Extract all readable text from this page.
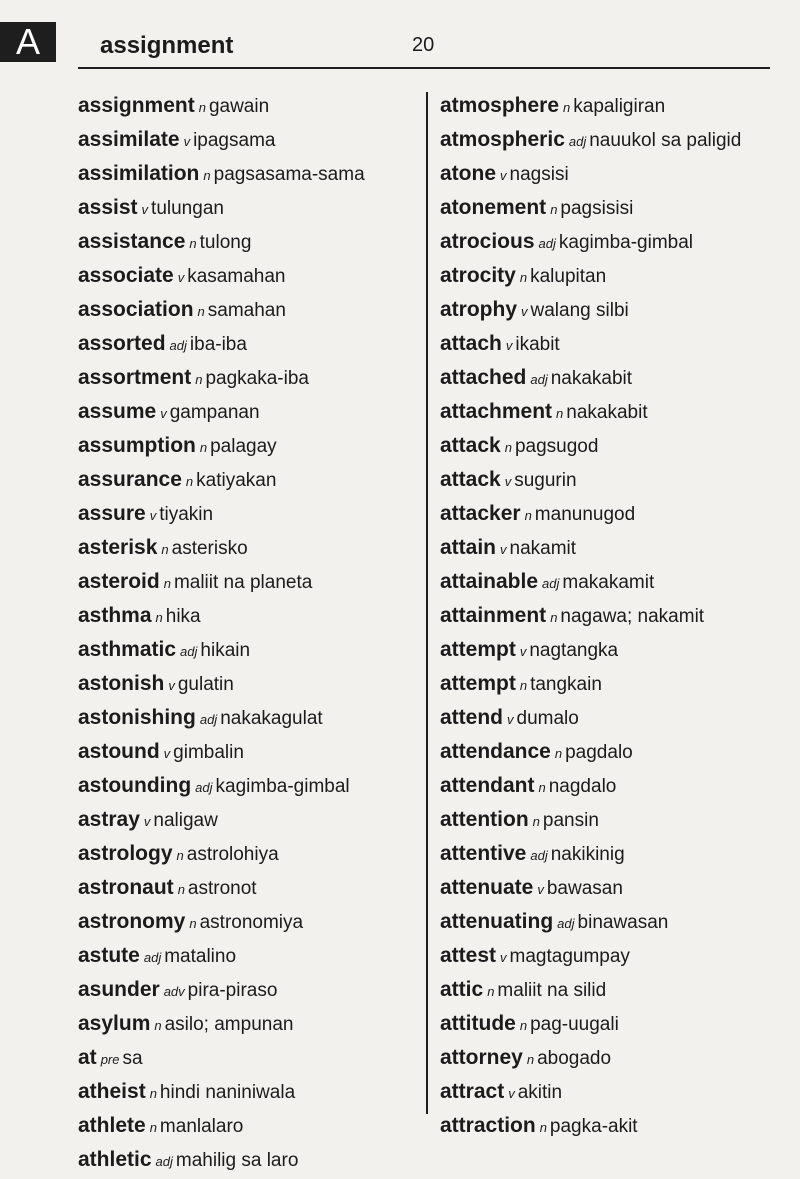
A	assignment	20
assignment n gawain
assimilate v ipagsama
assimilation n pagsasama-sama
assist v tulungan
assistance n tulong
associate v kasamahan
association n samahan
assorted adj iba-iba
assortment n pagkaka-iba
assume v gampanan
assumption n palagay
assurance n katiyakan
assure v tiyakin
asterisk n asterisko
asteroid n maliit na planeta
asthma n hika
asthmatic adj hikain
astonish v gulatin
astonishing adj nakakagulat
astound v gimbalin
astounding adj kagimba-gimbal
astray v naligaw
astrology n astrolohiya
astronaut n astronot
astronomy n astronomiya
astute adj matalino
asunder adv pira-piraso
asylum n asilo; ampunan
at pre sa
atheist n hindi naniniwala
athlete n manlalaro
athletic adj mahilig sa laro
atmosphere n kapaligiran
atmospheric adj nauukol sa paligid
atone v nagsisi
atonement n pagsisisi
atrocious adj kagimba-gimbal
atrocity n kalupitan
atrophy v walang silbi
attach v ikabit
attached adj nakakabit
attachment n nakakabit
attack n pagsugod
attack v sugurin
attacker n manunugod
attain v nakamit
attainable adj makakamit
attainment n nagawa; nakamit
attempt v nagtangka
attempt n tangkain
attend v dumalo
attendance n pagdalo
attendant n nagdalo
attention n pansin
attentive adj nakikinig
attenuate v bawasan
attenuating adj binawasan
attest v magtagumpay
attic n maliit na silid
attitude n pag-uugali
attorney n abogado
attract v akitin
attraction n pagka-akit
